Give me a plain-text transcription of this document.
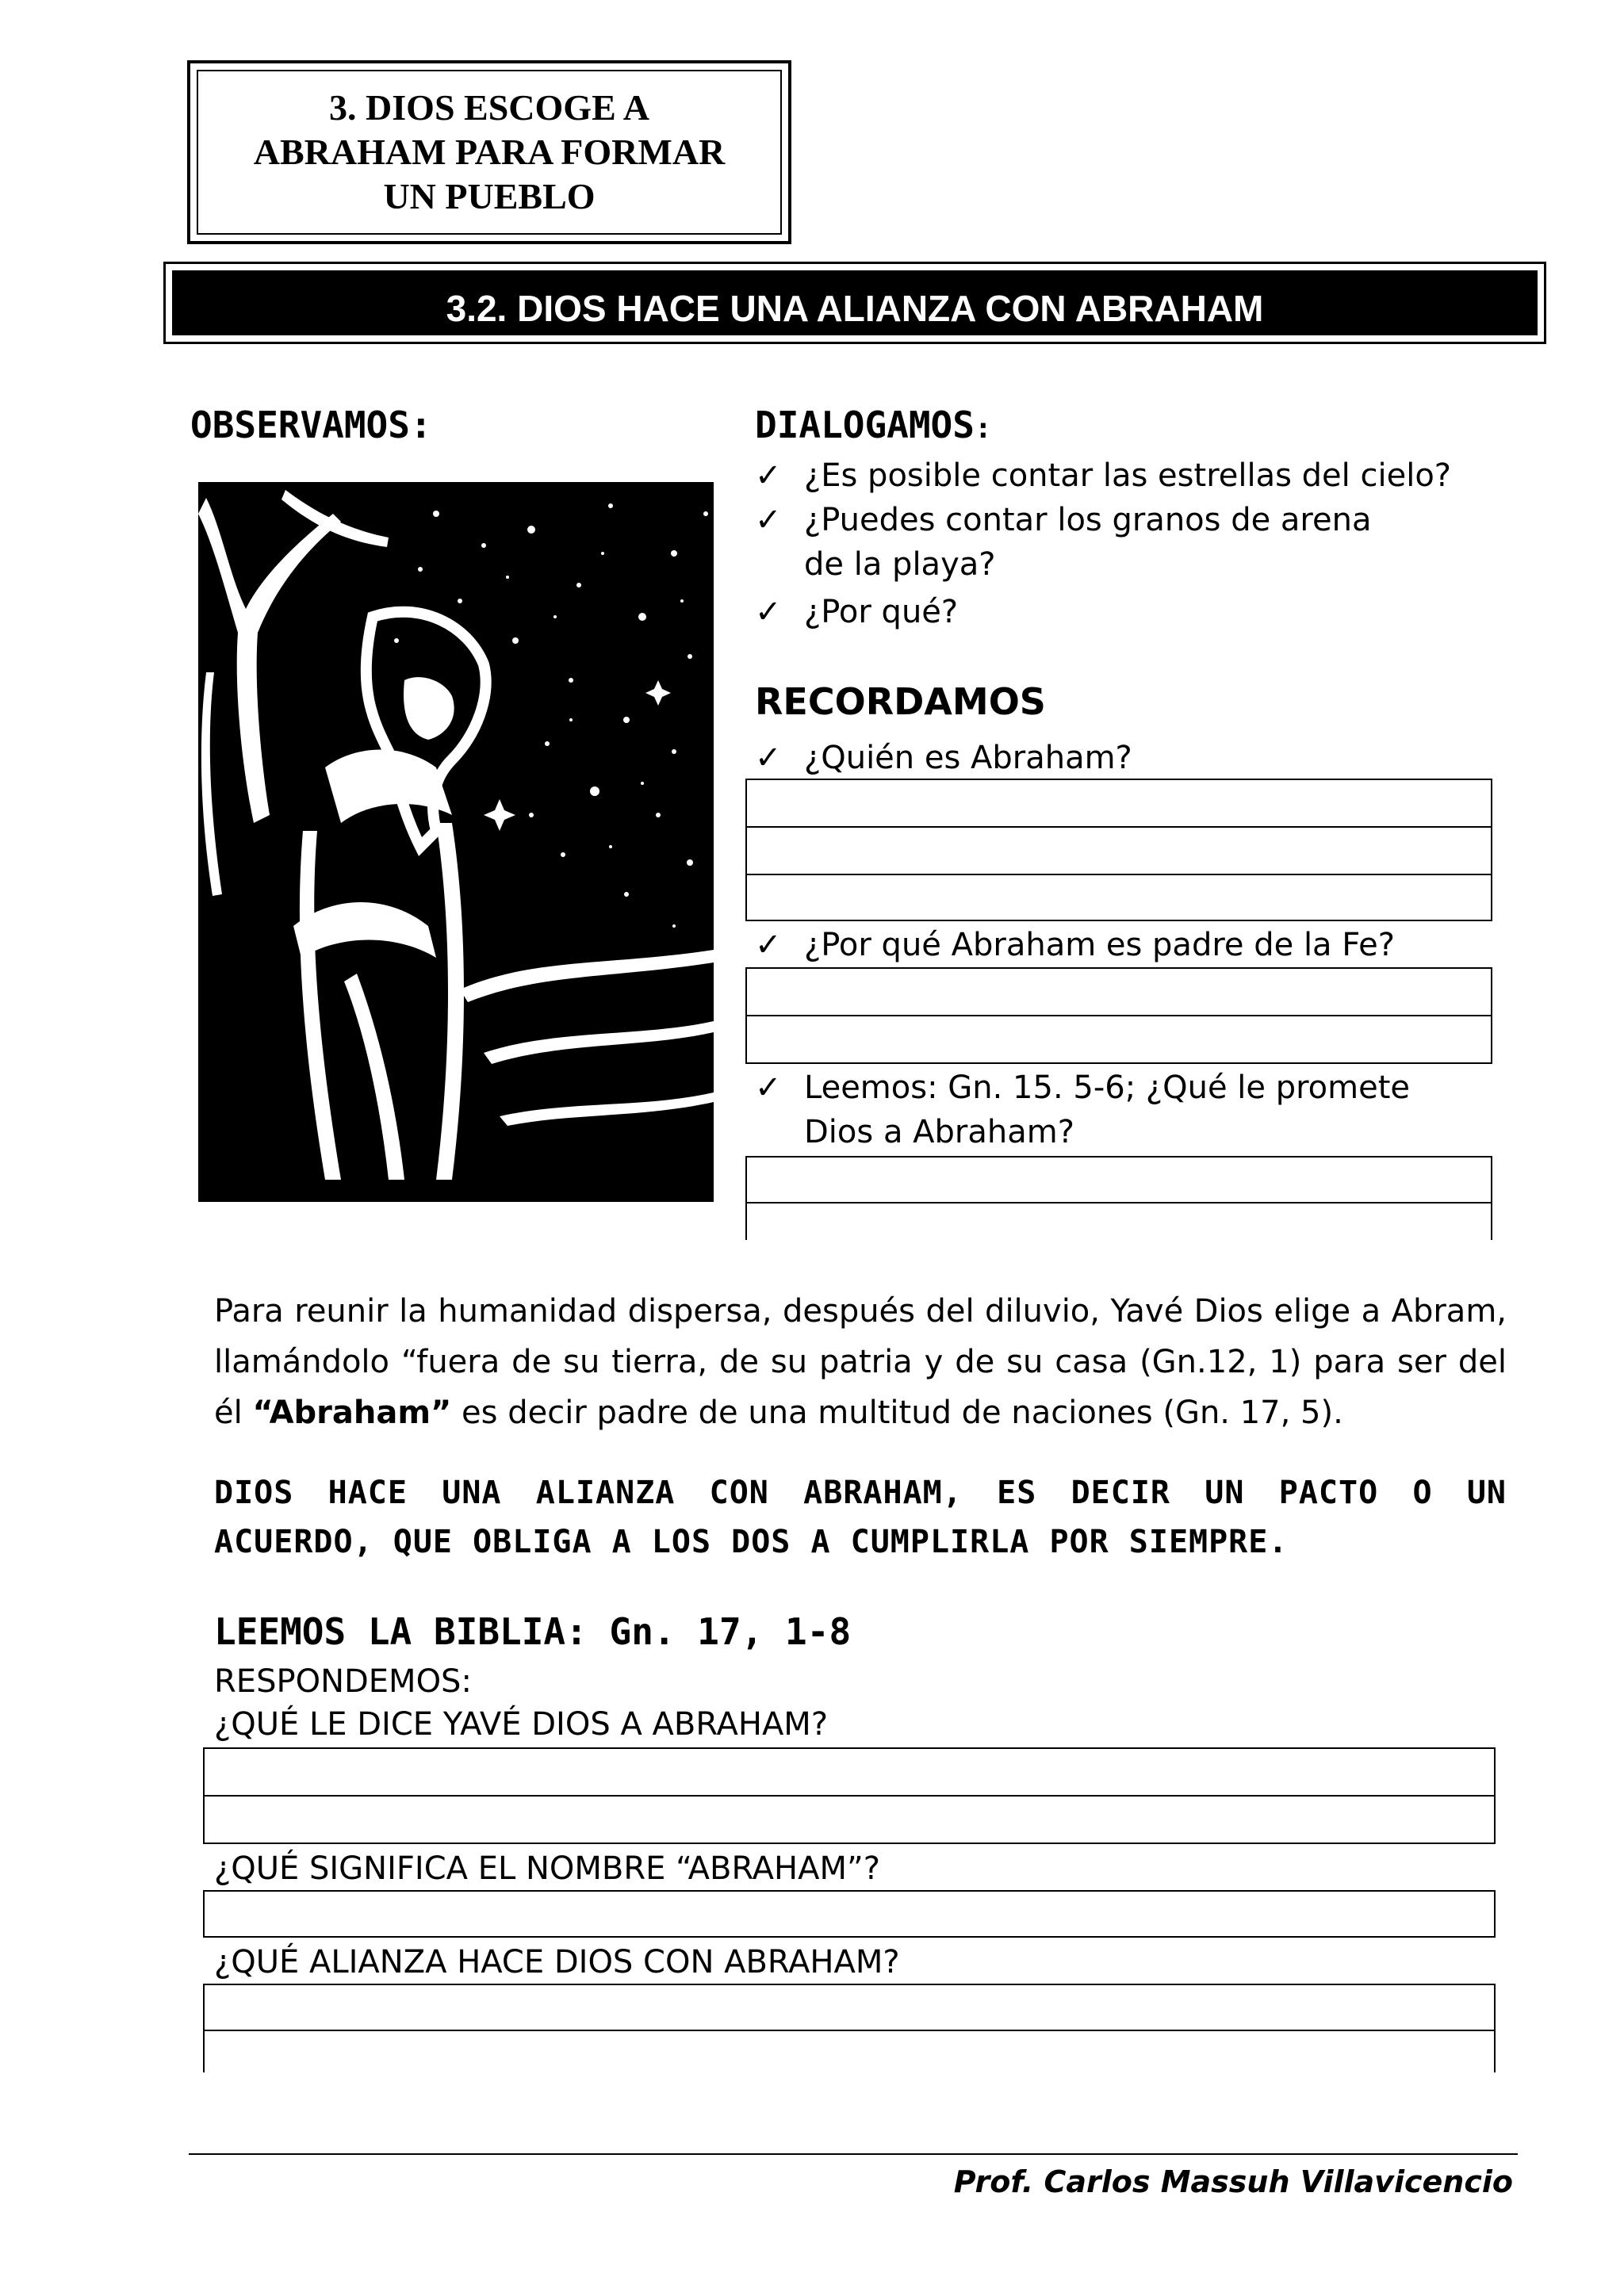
3. DIOS ESCOGE A
ABRAHAM PARA FORMAR
UN PUEBLO
3.2. DIOS HACE UNA ALIANZA CON ABRAHAM
OBSERVAMOS:	DIALOGAMOS:
✓ ¿Es posible contar las estrellas del cielo?
✓ ¿Puedes contar los granos de arena de la playa?
✓ ¿Por qué?
RECORDAMOS
✓ ¿Quién es Abraham?
✓ ¿Por qué Abraham es padre de la Fe?
✓ Leemos: Gn. 15. 5-6; ¿Qué le promete Dios a Abraham?
Para reunir la humanidad dispersa, después del diluvio, Yavé Dios elige a Abram, llamándolo “fuera de su tierra, de su patria y de su casa (Gn.12, 1) para ser del él “Abraham” es decir padre de una multitud de naciones (Gn. 17, 5).
DIOS HACE UNA ALIANZA CON ABRAHAM, ES DECIR UN PACTO O UN ACUERDO, QUE OBLIGA A LOS DOS A CUMPLIRLA POR SIEMPRE.
LEEMOS LA BIBLIA: Gn. 17, 1-8
RESPONDEMOS:
¿QUÉ LE DICE YAVÉ DIOS A ABRAHAM?
¿QUÉ SIGNIFICA EL NOMBRE “ABRAHAM”?
¿QUÉ ALIANZA HACE DIOS CON ABRAHAM?
Prof. Carlos Massuh Villavicencio
